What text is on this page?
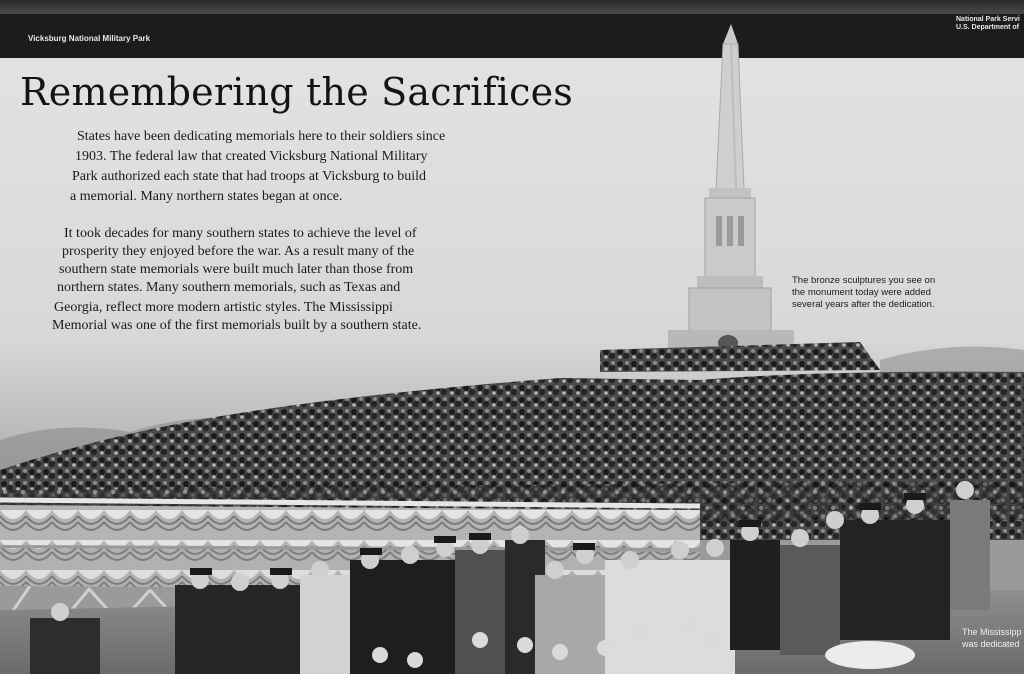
Vicksburg National Military Park
National Park Servi
U.S. Department of
Remembering the Sacrifices
States have been dedicating memorials here to their soldiers since
1903. The federal law that created Vicksburg National Military
Park authorized each state that had troops at Vicksburg to build
a memorial. Many northern states began at once.
It took decades for many southern states to achieve the level of
prosperity they enjoyed before the war. As a result many of the
southern state memorials were built much later than those from
northern states. Many southern memorials, such as Texas and
Georgia, reflect more modern artistic styles. The Mississippi
Memorial was one of the first memorials built by a southern state.
The bronze sculptures you see on
the monument today were added
several years after the dedication.
The Mississipp
was dedicated
